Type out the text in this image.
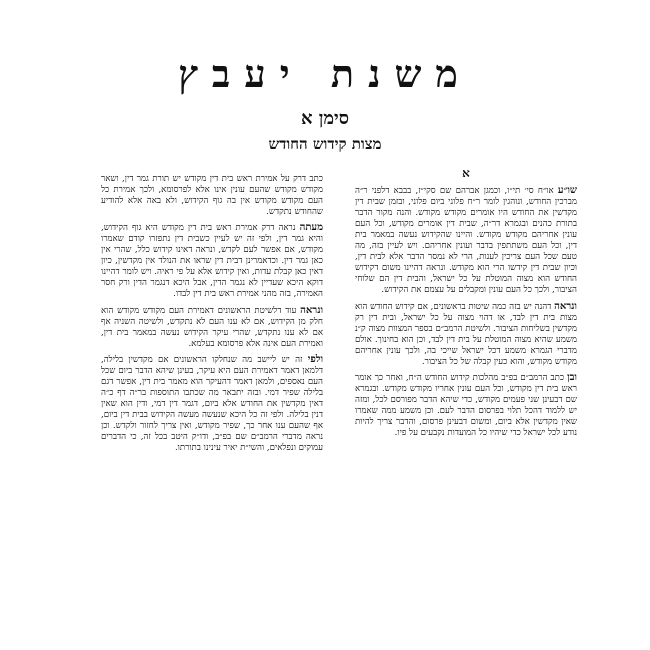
משנת יעבץ
סימן א
מצות קידוש החודש
א

שו״ע או״ח סי׳ תי״ו, וכמגן אברהם שם סקי״ז, בבבא דלפני ר״ה מברכין החודש, ונוהגין לומר ר״ח פלוני ביום פלוני, ובזמן שבית דין מקדשין את החודש היו אומרים מקודש מקודש. והנה מקור הדבר בתורת כהנים ובגמרא דר״ה, שבית דין אומרים מקודש, וכל העם עונין אחריהם מקודש מקודש. והיינו שהקידוש נעשה במאמר בית דין, וכל העם משתתפין בדבר ועונין אחריהם. ויש לעיין בזה, מה טעם שכל העם צריכין לענות, הרי לא נמסר הדבר אלא לבית דין, וכיון שבית דין קידשו הרי הוא מקודש. ונראה דהיינו משום דקידוש החודש הוא מצוה המוטלת על כל ישראל, והבית דין הם שלוחי הציבור, ולכך כל העם עונין ומקבלים על עצמם את הקידוש.

ונראה דהנה יש בזה כמה שיטות בראשונים, אם קידוש החודש הוא מצות בית דין לבד, או דהוי מצוה על כל ישראל, ובית דין רק מקדשין בשליחות הציבור. ולשיטת הרמב״ם בספר המצוות מצוה ק״נ משמע שהיא מצוה המוטלת על בית דין לבד, וכן הוא בחינוך. אולם מדברי הגמרא משמע דכל ישראל שייכי בה, ולכך עונין אחריהם מקודש מקודש, והוא כעין קבלה של כל הציבור.

ובן כתב הרמב״ם בפ״ב מהלכות קידוש החודש ה״ח, ואחר כך אומר ראש בית דין מקודש, וכל העם עונין אחריו מקודש מקודש. ובגמרא שם דבעינן שני פעמים מקודש, כדי שיהא הדבר מפורסם לכל, ומזה יש ללמוד דהכל תלוי בפרסום הדבר לעם. וכן משמע ממה שאמרו שאין מקדשין אלא ביום, ומשום דבעינן פרסום, והדבר צריך להיות נודע לכל ישראל כדי שיהיו כל המועדות נקבעים על פיו.

כתב דרק על אמירת ראש בית דין מקודש יש תורת גמר דין, ושאר מקודש מקודש שהעם עונין אינו אלא לפרסומא, ולכך אמירת כל העם מקודש מקודש אין בה גוף הקידוש, ולא באה אלא להודיע שהחודש נתקדש.

מעתה נראה דרק אמירת ראש בית דין מקודש היא גוף הקידוש, והיא גמר דין, ולפי זה יש לעיין כשבית דין נתפזרו קודם שאמרו מקודש, אם אפשר לעם לקדש, ונראה דאינו קידוש כלל, שהרי אין כאן גמר דין. וכדאמרינן דבית דין שראו את הנולד אין מקדשין, כיון דאין כאן קבלת עדות, ואין קידוש אלא על פי ראיה. ויש לומר דהיינו דוקא היכא שעדיין לא נגמר הדין, אבל היכא דנגמר הדין ורק חסר האמירה, בזה מהני אמירת ראש בית דין לבדו.

ונראה עוד דלשיטת הראשונים דאמירת העם מקודש מקודש הוא חלק מן הקידוש, אם לא ענו העם לא נתקדש, ולשיטה השניה אף אם לא ענו נתקדש, שהרי עיקר הקידוש נעשה במאמר בית דין, ואמירת העם אינה אלא פרסומא בעלמא.

ולפי זה יש ליישב מה שנחלקו הראשונים אם מקדשין בלילה, דלמאן דאמר דאמירת העם היא עיקר, בעינן שיהא הדבר ביום שכל העם נאספים, ולמאן דאמר דהעיקר הוא מאמר בית דין, אפשר דגם בלילה שפיר דמי. ובזה יתבאר מה שכתבו התוספות בר״ה דף כ״ה דאין מקדשין את החודש אלא ביום, דגמר דין דמי, ודין הוא שאין דנין בלילה. ולפי זה כל היכא שנעשה מעשה הקידוש בבית דין ביום, אף שהעם ענו אחר כך, שפיר מקודש, ואין צריך לחזור ולקדש. וכן נראה מדברי הרמב״ם שם בפ״ב, ודו״ק היטב בכל זה, כי הדברים עמוקים ונפלאים, והשי״ת יאיר עינינו בתורתו.
